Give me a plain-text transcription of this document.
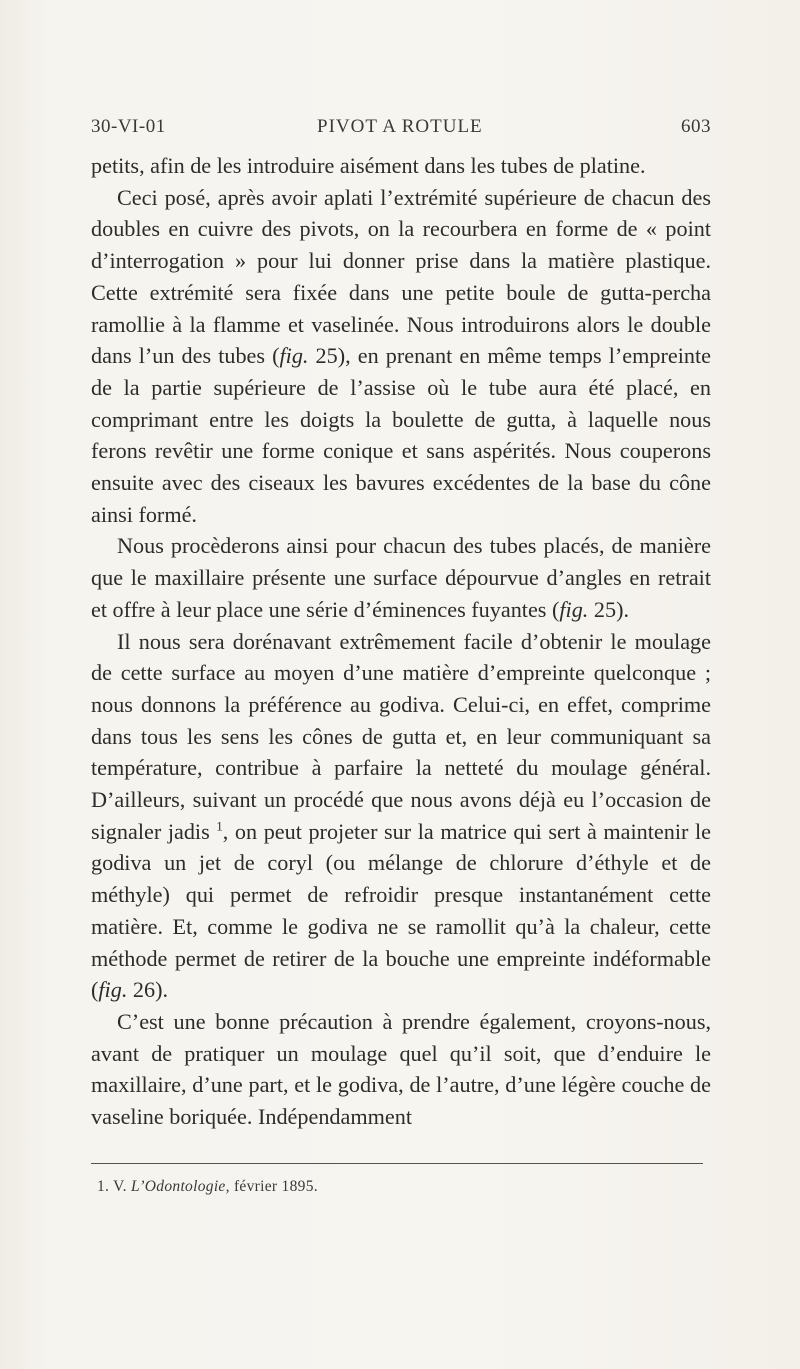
30-VI-01	PIVOT A ROTULE	603

petits, afin de les introduire aisément dans les tubes de platine.

Ceci posé, après avoir aplati l’extrémité supérieure de chacun des doubles en cuivre des pivots, on la recourbera en forme de « point d’interrogation » pour lui donner prise dans la matière plastique. Cette extrémité sera fixée dans une petite boule de gutta-percha ramollie à la flamme et vaselinée. Nous introduirons alors le double dans l’un des tubes (fig. 25), en prenant en même temps l’empreinte de la partie supérieure de l’assise où le tube aura été placé, en comprimant entre les doigts la boulette de gutta, à laquelle nous ferons revêtir une forme conique et sans aspérités. Nous couperons ensuite avec des ciseaux les bavures excédentes de la base du cône ainsi formé.

Nous procèderons ainsi pour chacun des tubes placés, de manière que le maxillaire présente une surface dépourvue d’angles en retrait et offre à leur place une série d’éminences fuyantes (fig. 25).

Il nous sera dorénavant extrêmement facile d’obtenir le moulage de cette surface au moyen d’une matière d’empreinte quelconque ; nous donnons la préférence au godiva. Celui-ci, en effet, comprime dans tous les sens les cônes de gutta et, en leur communiquant sa température, contribue à parfaire la netteté du moulage général. D’ailleurs, suivant un procédé que nous avons déjà eu l’occasion de signaler jadis $^1$, on peut projeter sur la matrice qui sert à maintenir le godiva un jet de coryl (ou mélange de chlorure d’éthyle et de méthyle) qui permet de refroidir presque instantanément cette matière. Et, comme le godiva ne se ramollit qu’à la chaleur, cette méthode permet de retirer de la bouche une empreinte indéformable (fig. 26).

C’est une bonne précaution à prendre également, croyons-nous, avant de pratiquer un moulage quel qu’il soit, que d’enduire le maxillaire, d’une part, et le godiva, de l’autre, d’une légère couche de vaseline boriquée. Indépendamment

1. V. L’Odontologie, février 1895.
